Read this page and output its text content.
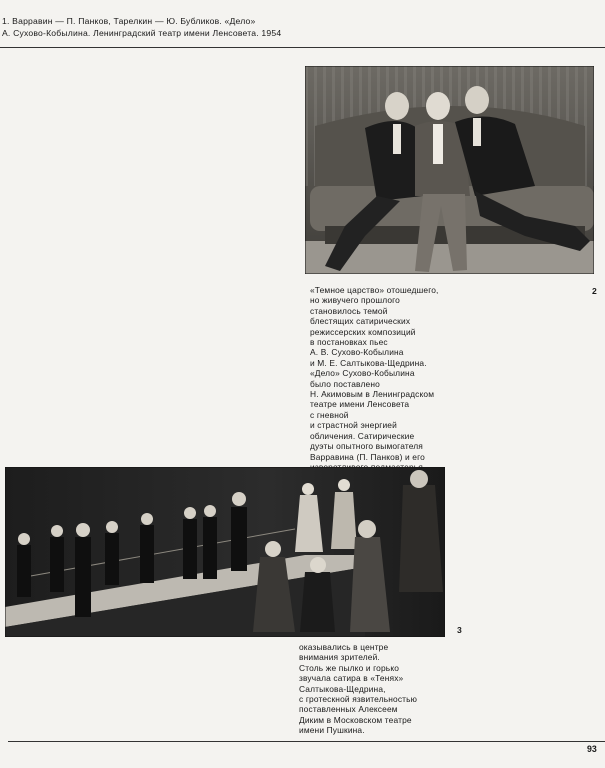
1. Варравин — П. Панков, Тарелкин — Ю. Бубликов. «Дело»
А. Сухово-Кобылина. Ленинградский театр имени Ленсовета. 1954
2
«Темное царство» отошедшего,
но живучего прошлого
становилось темой
блестящих сатирических
режиссерских композиций
в постановках пьес
А. В. Сухово-Кобылина
и М. Е. Салтыкова-Щедрина.
«Дело» Сухово-Кобылина
было поставлено
Н. Акимовым в Ленинградском
театре имени Ленсовета
с гневной
и страстной энергией
обличения. Сатирические
дуэты опытного вымогателя
Варравина (П. Панков) и его
3
оказывались в центре
внимания зрителей.
Столь же пылко и горько
звучала сатира в «Тенях»
Салтыкова-Щедрина,
с гротескной язвительностью
поставленных Алексеем
Диким в Московском театре
имени Пушкина.
93
